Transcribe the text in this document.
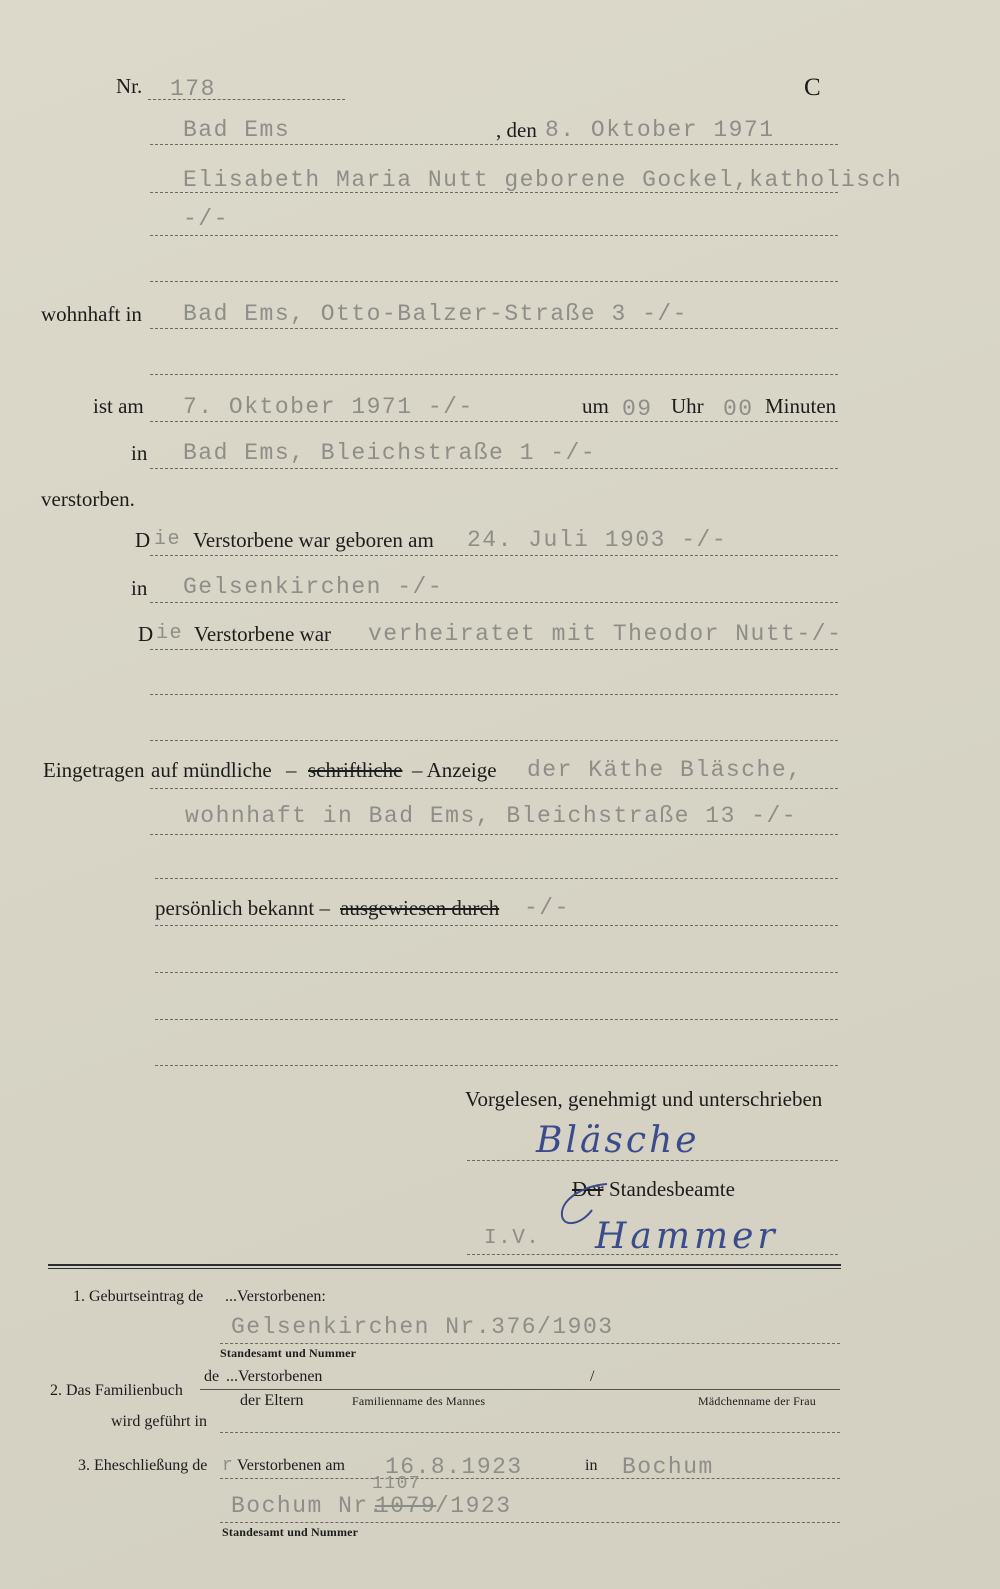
Nr. 178	C
Bad Ems	, den 8. Oktober 1971
Elisabeth Maria Nutt geborene Gockel,katholisch
-/-
wohnhaft in Bad Ems, Otto-Balzer-Straße 3 -/-
ist am 7. Oktober 1971 -/-	um 09 Uhr 00 Minuten
in Bad Ems, Bleichstraße 1 -/-
verstorben.
D ie Verstorbene war geboren am 24. Juli 1903 -/-
in Gelsenkirchen -/-
D ie Verstorbene war verheiratet mit Theodor Nutt-/-
Eingetragen auf mündliche – schriftliche – Anzeige der Käthe Bläsche,
wohnhaft in Bad Ems, Bleichstraße 13 -/-
persönlich bekannt – ausgewiesen durch -/-
Vorgelesen, genehmigt und unterschrieben
Bläsche
Der Standesbeamte
I.V. Hammer
1. Geburtseintrag de ...Verstorbenen:
Gelsenkirchen Nr.376/1903
Standesamt und Nummer
2. Das Familienbuch
de ...Verstorbenen	/
der Eltern	Familienname des Mannes	Mädchenname der Frau
wird geführt in
3. Eheschließung de r Verstorbenen am 16.8.1923	in Bochum
Bochum Nr.
1079
/1923
1107
Standesamt und Nummer
